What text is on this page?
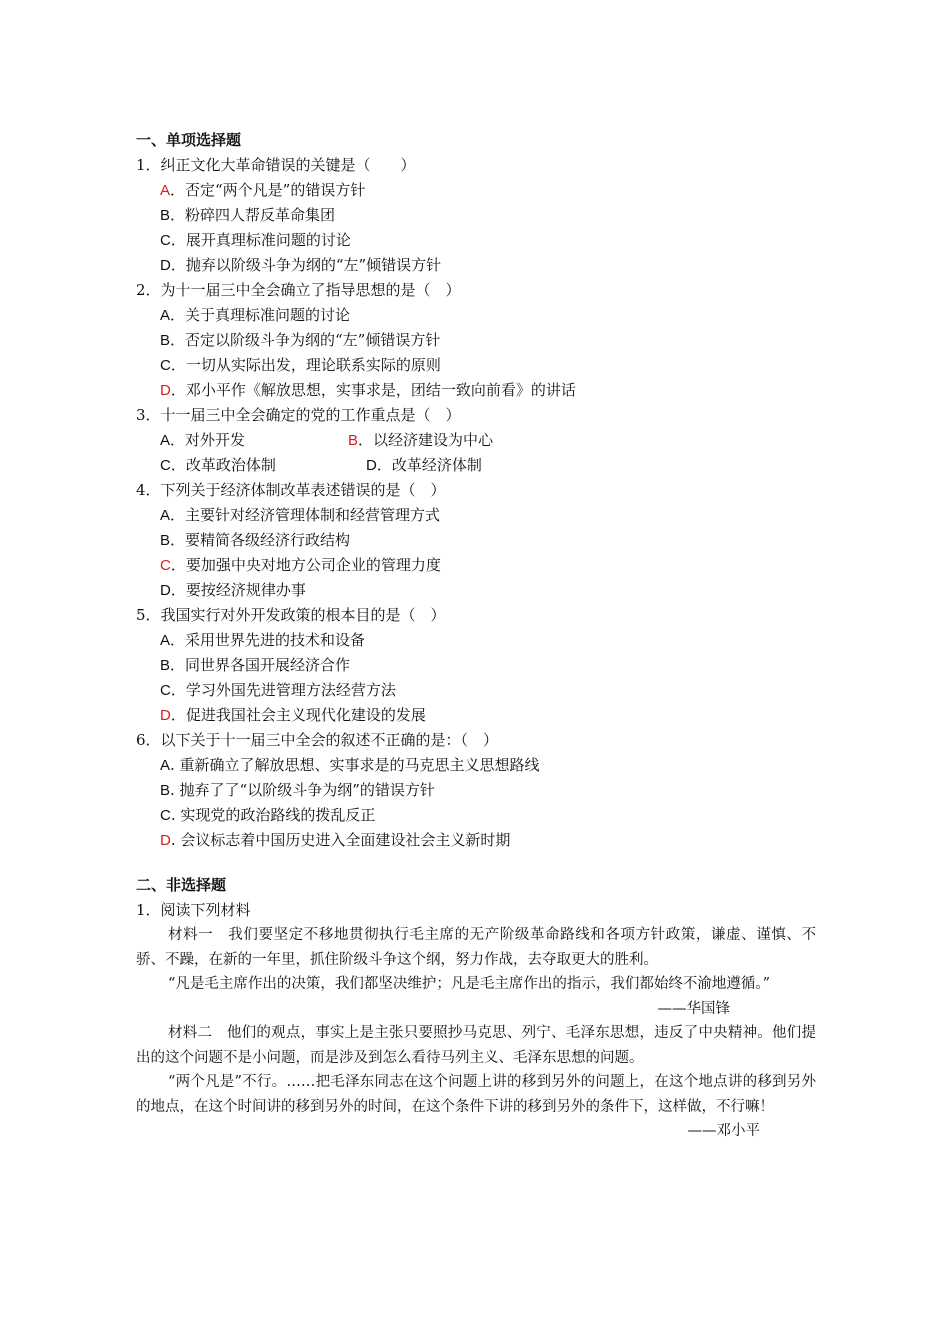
一、单项选择题
1．纠正文化大革命错误的关键是（　　）
A．否定“两个凡是”的错误方针
B．粉碎四人帮反革命集团
C．展开真理标准问题的讨论
D．抛弃以阶级斗争为纲的“左”倾错误方针
2．为十一届三中全会确立了指导思想的是（　）
A．关于真理标准问题的讨论
B．否定以阶级斗争为纲的“左”倾错误方针
C．一切从实际出发，理论联系实际的原则
D．邓小平作《解放思想，实事求是，团结一致向前看》的讲话
3．十一届三中全会确定的党的工作重点是（　）
A．对外开发	B．以经济建设为中心
C．改革政治体制	D．改革经济体制
4．下列关于经济体制改革表述错误的是（　）
A．主要针对经济管理体制和经营管理方式
B．要精简各级经济行政结构
C．要加强中央对地方公司企业的管理力度
D．要按经济规律办事
5．我国实行对外开发政策的根本目的是（　）
A．采用世界先进的技术和设备
B．同世界各国开展经济合作
C．学习外国先进管理方法经营方法
D．促进我国社会主义现代化建设的发展
6．以下关于十一届三中全会的叙述不正确的是：（　）
A. 重新确立了解放思想、实事求是的马克思主义思想路线
B. 抛弃了了“以阶级斗争为纲”的错误方针
C. 实现党的政治路线的拨乱反正
D. 会议标志着中国历史进入全面建设社会主义新时期
二、非选择题
1．阅读下列材料
材料一　我们要坚定不移地贯彻执行毛主席的无产阶级革命路线和各项方针政策，谦虚、谨慎、不骄、不躁，在新的一年里，抓住阶级斗争这个纲，努力作战，去夺取更大的胜利。
“凡是毛主席作出的决策，我们都坚决维护；凡是毛主席作出的指示，我们都始终不渝地遵循。”
——华国锋
材料二　他们的观点，事实上是主张只要照抄马克思、列宁、毛泽东思想，违反了中央精神。他们提出的这个问题不是小问题，而是涉及到怎么看待马列主义、毛泽东思想的问题。
“两个凡是”不行。……把毛泽东同志在这个问题上讲的移到另外的问题上，在这个地点讲的移到另外的地点，在这个时间讲的移到另外的时间，在这个条件下讲的移到另外的条件下，这样做，不行嘛！
——邓小平
